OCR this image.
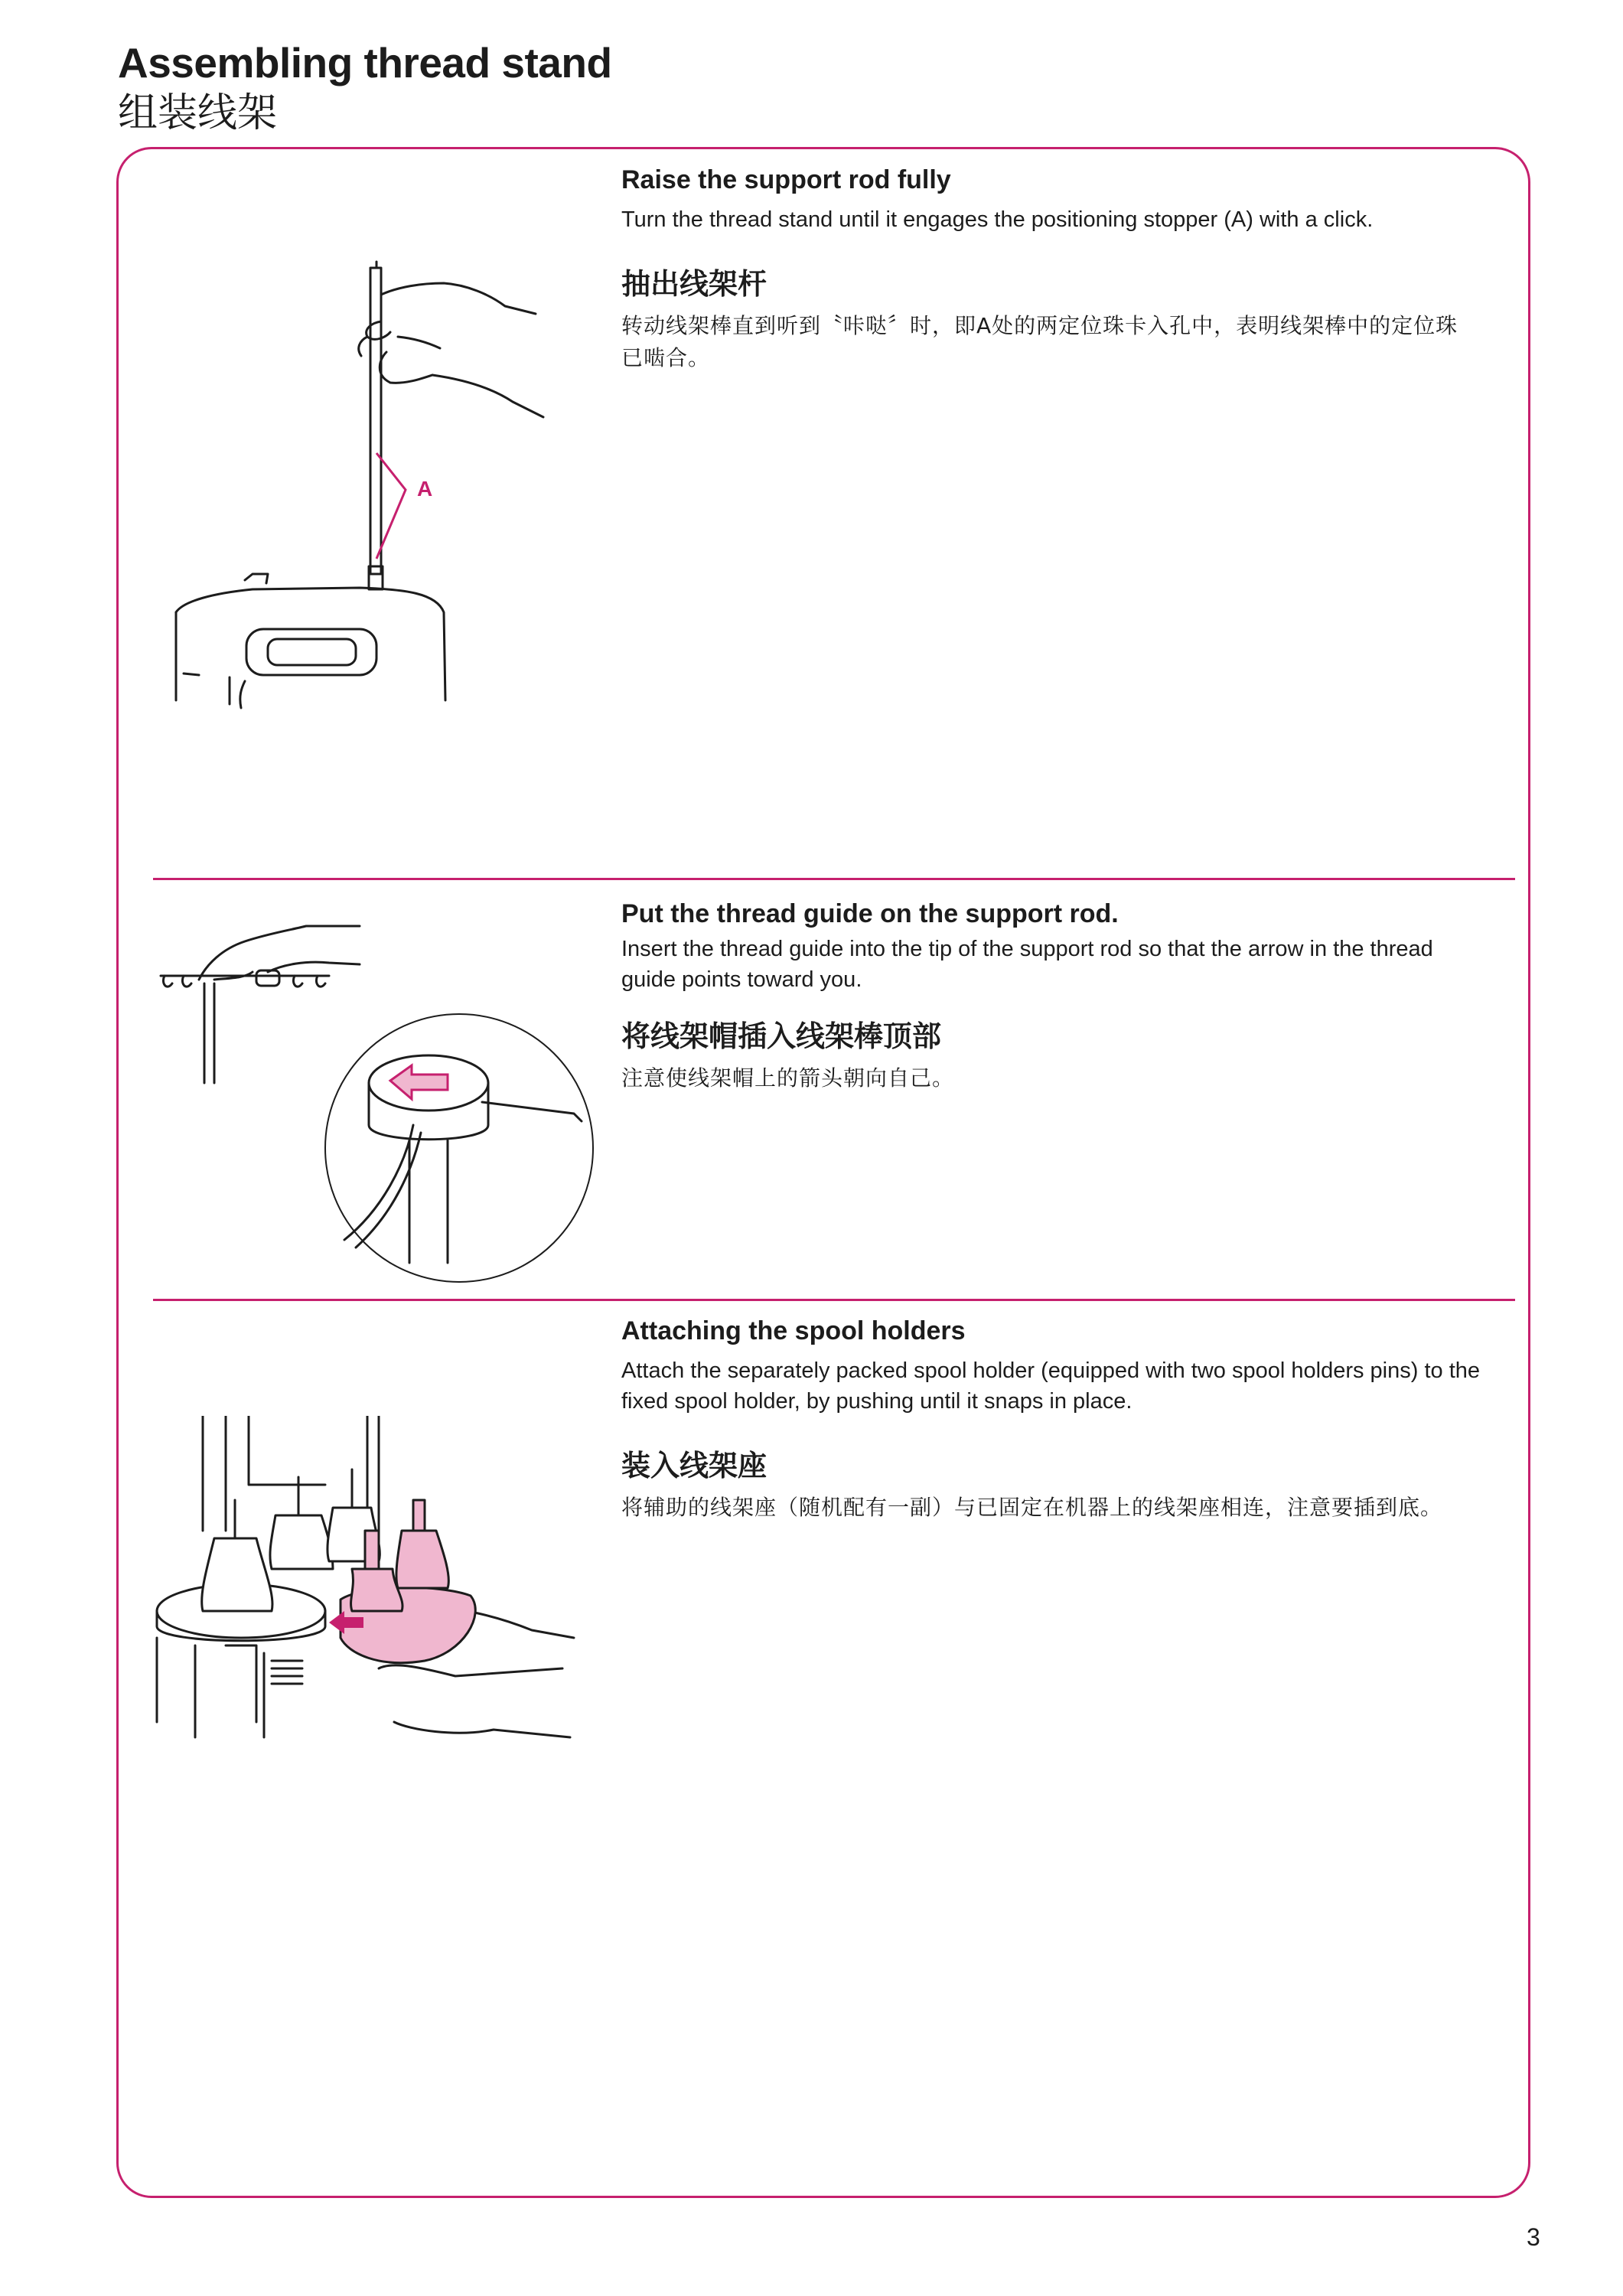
Assembling thread stand
组装线架
Raise the support rod fully

Turn the thread stand until it engages the positioning stopper (A) with a click.

抽出线架杆

转动线架棒直到听到〝咔哒〞时，即A处的两定位珠卡入孔中，表明线架棒中的定位珠已啮合。

Put the thread guide on the support rod.

Insert the thread guide into the tip of the support rod so that the arrow in the thread guide points toward you.

将线架帽插入线架棒顶部

注意使线架帽上的箭头朝向自己。

Attaching the spool holders

Attach the separately packed spool holder (equipped with two spool holders pins) to the fixed spool holder, by pushing until it snaps in place.

装入线架座

将辅助的线架座（随机配有一副）与已固定在机器上的线架座相连，注意要插到底。

A
3
